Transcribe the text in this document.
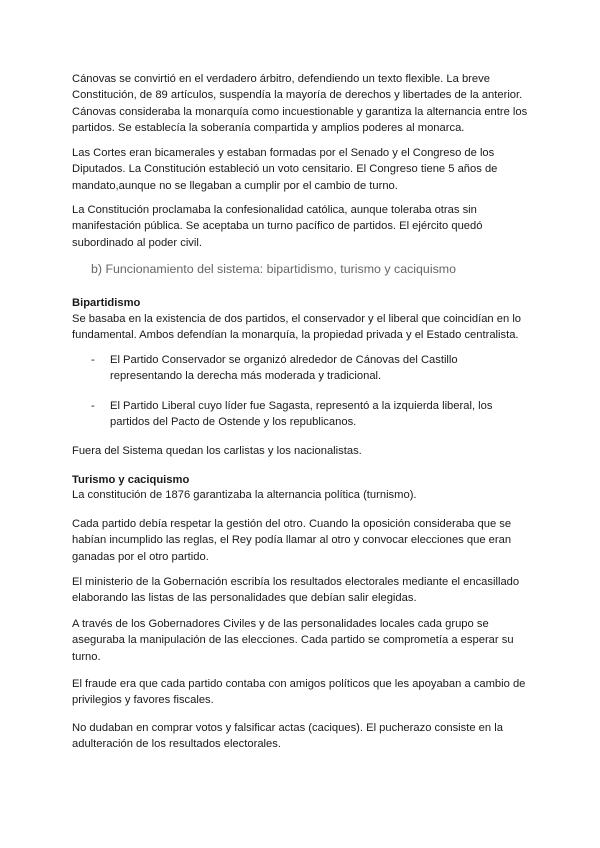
Cánovas se convirtió en el verdadero árbitro, defendiendo un texto flexible. La breve
Constitución, de 89 artículos, suspendía la mayoría de derechos y libertades de la anterior.
Cánovas consideraba la monarquía como incuestionable y garantiza la alternancia entre los
partidos. Se establecía la soberanía compartida y amplios poderes al monarca.
Las Cortes eran bicamerales y estaban formadas por el Senado y el Congreso de los
Diputados. La Constitución estableció un voto censitario. El Congreso tiene 5 años de
mandato,aunque no se llegaban a cumplir por el cambio de turno.
La Constitución proclamaba la confesionalidad católica, aunque toleraba otras sin
manifestación pública. Se aceptaba un turno pacífico de partidos. El ejército quedó
subordinado al poder civil.
b) Funcionamiento del sistema: bipartidismo, turismo y caciquismo
Bipartidismo
Se basaba en la existencia de dos partidos, el conservador y el liberal que coincidían en lo
fundamental. Ambos defendían la monarquía, la propiedad privada y el Estado centralista.
- El Partido Conservador se organizó alrededor de Cánovas del Castillo
representando la derecha más moderada y tradicional.
- El Partido Liberal cuyo líder fue Sagasta, representó a la izquierda liberal, los
partidos del Pacto de Ostende y los republicanos.
Fuera del Sistema quedan los carlistas y los nacionalistas.
Turismo y caciquismo
La constitución de 1876 garantizaba la alternancia política (turnismo).
Cada partido debía respetar la gestión del otro. Cuando la oposición consideraba que se
habían incumplido las reglas, el Rey podía llamar al otro y convocar elecciones que eran
ganadas por el otro partido.
El ministerio de la Gobernación escribía los resultados electorales mediante el encasillado
elaborando las listas de las personalidades que debían salir elegidas.
A través de los Gobernadores Civiles y de las personalidades locales cada grupo se
aseguraba la manipulación de las elecciones. Cada partido se comprometía a esperar su
turno.
El fraude era que cada partido contaba con amigos políticos que les apoyaban a cambio de
privilegios y favores fiscales.
No dudaban en comprar votos y falsificar actas (caciques). El pucherazo consiste en la
adulteración de los resultados electorales.
